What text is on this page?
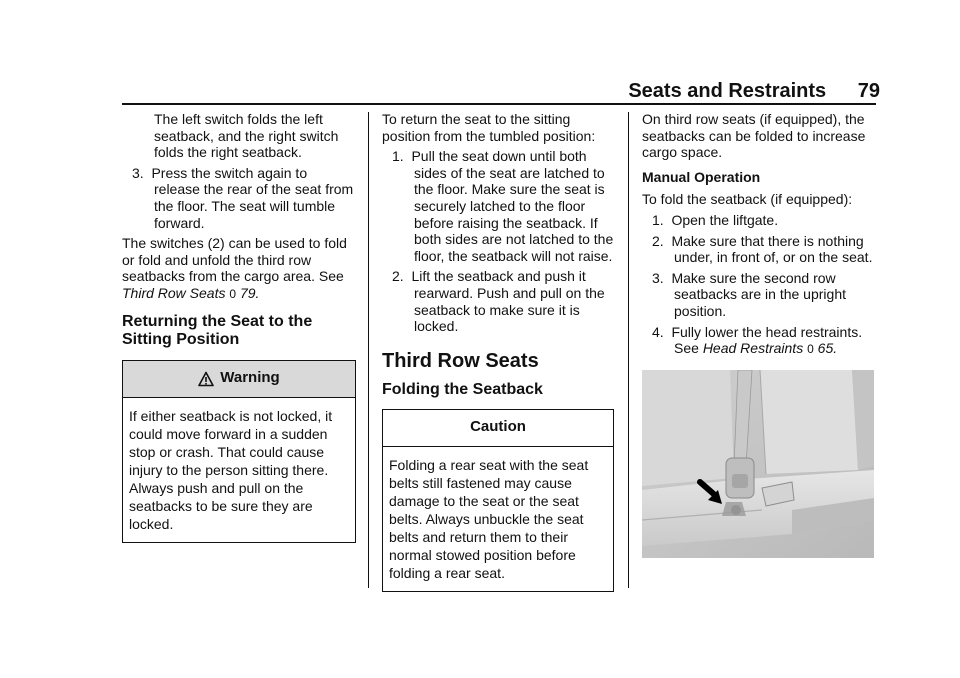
Seats and Restraints 79

The left switch folds the left seatback, and the right switch folds the right seatback.

3. Press the switch again to release the rear of the seat from the floor. The seat will tumble forward.

The switches (2) can be used to fold or fold and unfold the third row seatbacks from the cargo area. See Third Row Seats 0 79.

Returning the Seat to the Sitting Position
Warning
If either seatback is not locked, it could move forward in a sudden stop or crash. That could cause injury to the person sitting there. Always push and pull on the seatbacks to be sure they are locked.

To return the seat to the sitting position from the tumbled position:

1. Pull the seat down until both sides of the seat are latched to the floor. Make sure the seat is securely latched to the floor before raising the seatback. If both sides are not latched to the floor, the seatback will not raise.

2. Lift the seatback and push it rearward. Push and pull on the seatback to make sure it is locked.

Third Row Seats
Folding the Seatback
Caution
Folding a rear seat with the seat belts still fastened may cause damage to the seat or the seat belts. Always unbuckle the seat belts and return them to their normal stowed position before folding a rear seat.

On third row seats (if equipped), the seatbacks can be folded to increase cargo space.

Manual Operation

To fold the seatback (if equipped):

1. Open the liftgate.

2. Make sure that there is nothing under, in front of, or on the seat.

3. Make sure the second row seatbacks are in the upright position.

4. Fully lower the head restraints. See Head Restraints 0 65.
